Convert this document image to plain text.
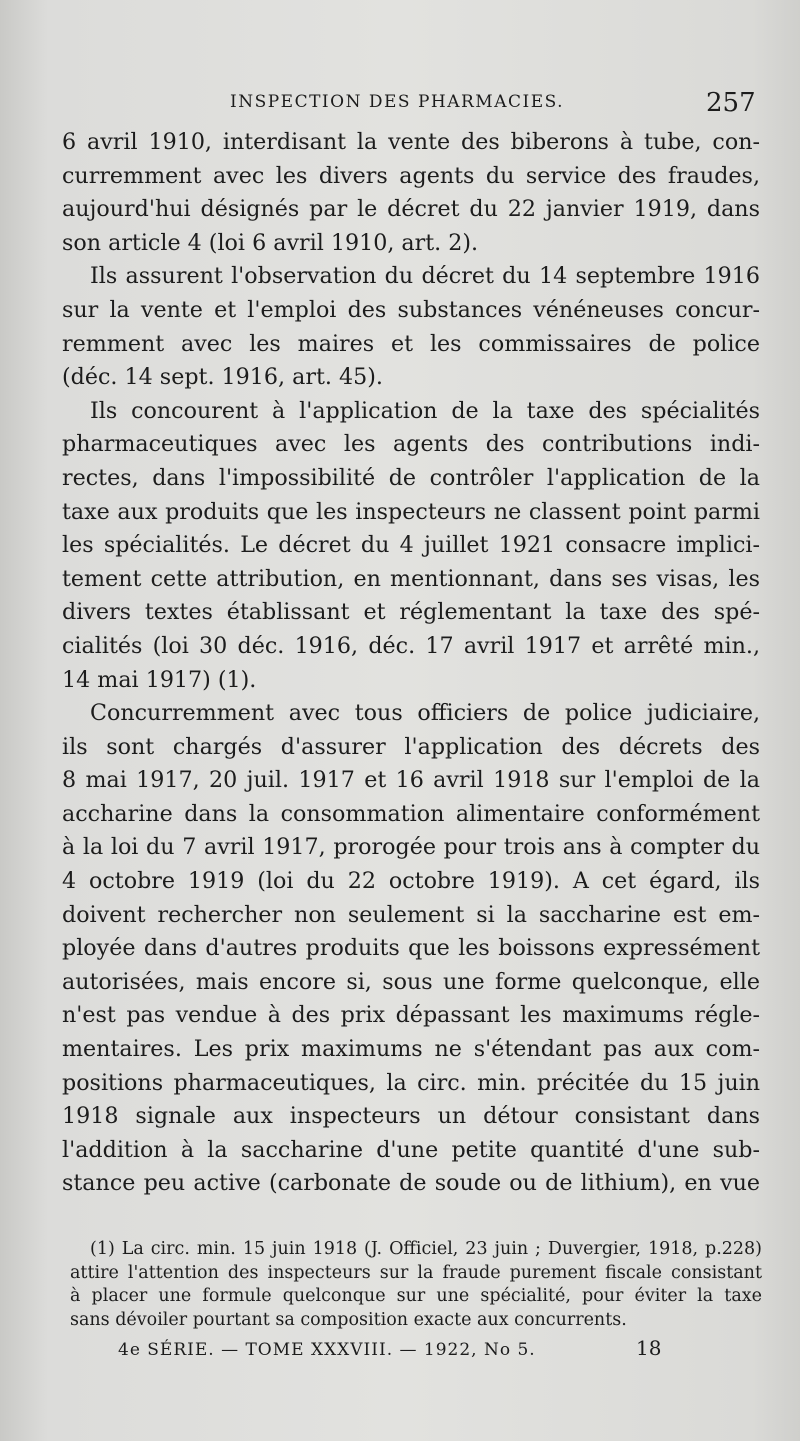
INSPECTION DES PHARMACIES.	257
6 avril 1910, interdisant la vente des biberons à tube, con-
curremment avec les divers agents du service des fraudes,
aujourd'hui désignés par le décret du 22 janvier 1919, dans
son article 4 (loi 6 avril 1910, art. 2).
Ils assurent l'observation du décret du 14 septembre 1916
sur la vente et l'emploi des substances vénéneuses concur-
remment avec les maires et les commissaires de police
(déc. 14 sept. 1916, art. 45).
Ils concourent à l'application de la taxe des spécialités
pharmaceutiques avec les agents des contributions indi-
rectes, dans l'impossibilité de contrôler l'application de la
taxe aux produits que les inspecteurs ne classent point parmi
les spécialités. Le décret du 4 juillet 1921 consacre implici-
tement cette attribution, en mentionnant, dans ses visas, les
divers textes établissant et réglementant la taxe des spé-
cialités (loi 30 déc. 1916, déc. 17 avril 1917 et arrêté min.,
14 mai 1917) (1).
Concurremment avec tous officiers de police judiciaire,
ils sont chargés d'assurer l'application des décrets des
8 mai 1917, 20 juil. 1917 et 16 avril 1918 sur l'emploi de la
accharine dans la consommation alimentaire conformément
à la loi du 7 avril 1917, prorogée pour trois ans à compter du
4 octobre 1919 (loi du 22 octobre 1919). A cet égard, ils
doivent rechercher non seulement si la saccharine est em-
ployée dans d'autres produits que les boissons expressément
autorisées, mais encore si, sous une forme quelconque, elle
n'est pas vendue à des prix dépassant les maximums régle-
mentaires. Les prix maximums ne s'étendant pas aux com-
positions pharmaceutiques, la circ. min. précitée du 15 juin
1918 signale aux inspecteurs un détour consistant dans
l'addition à la saccharine d'une petite quantité d'une sub-
stance peu active (carbonate de soude ou de lithium), en vue
(1) La circ. min. 15 juin 1918 (J. Officiel, 23 juin ; Duvergier, 1918, p.228)
attire l'attention des inspecteurs sur la fraude purement fiscale consistant
à placer une formule quelconque sur une spécialité, pour éviter la taxe
sans dévoiler pourtant sa composition exacte aux concurrents.
4e SÉRIE. — TOME XXXVIII. — 1922, No 5.	18
